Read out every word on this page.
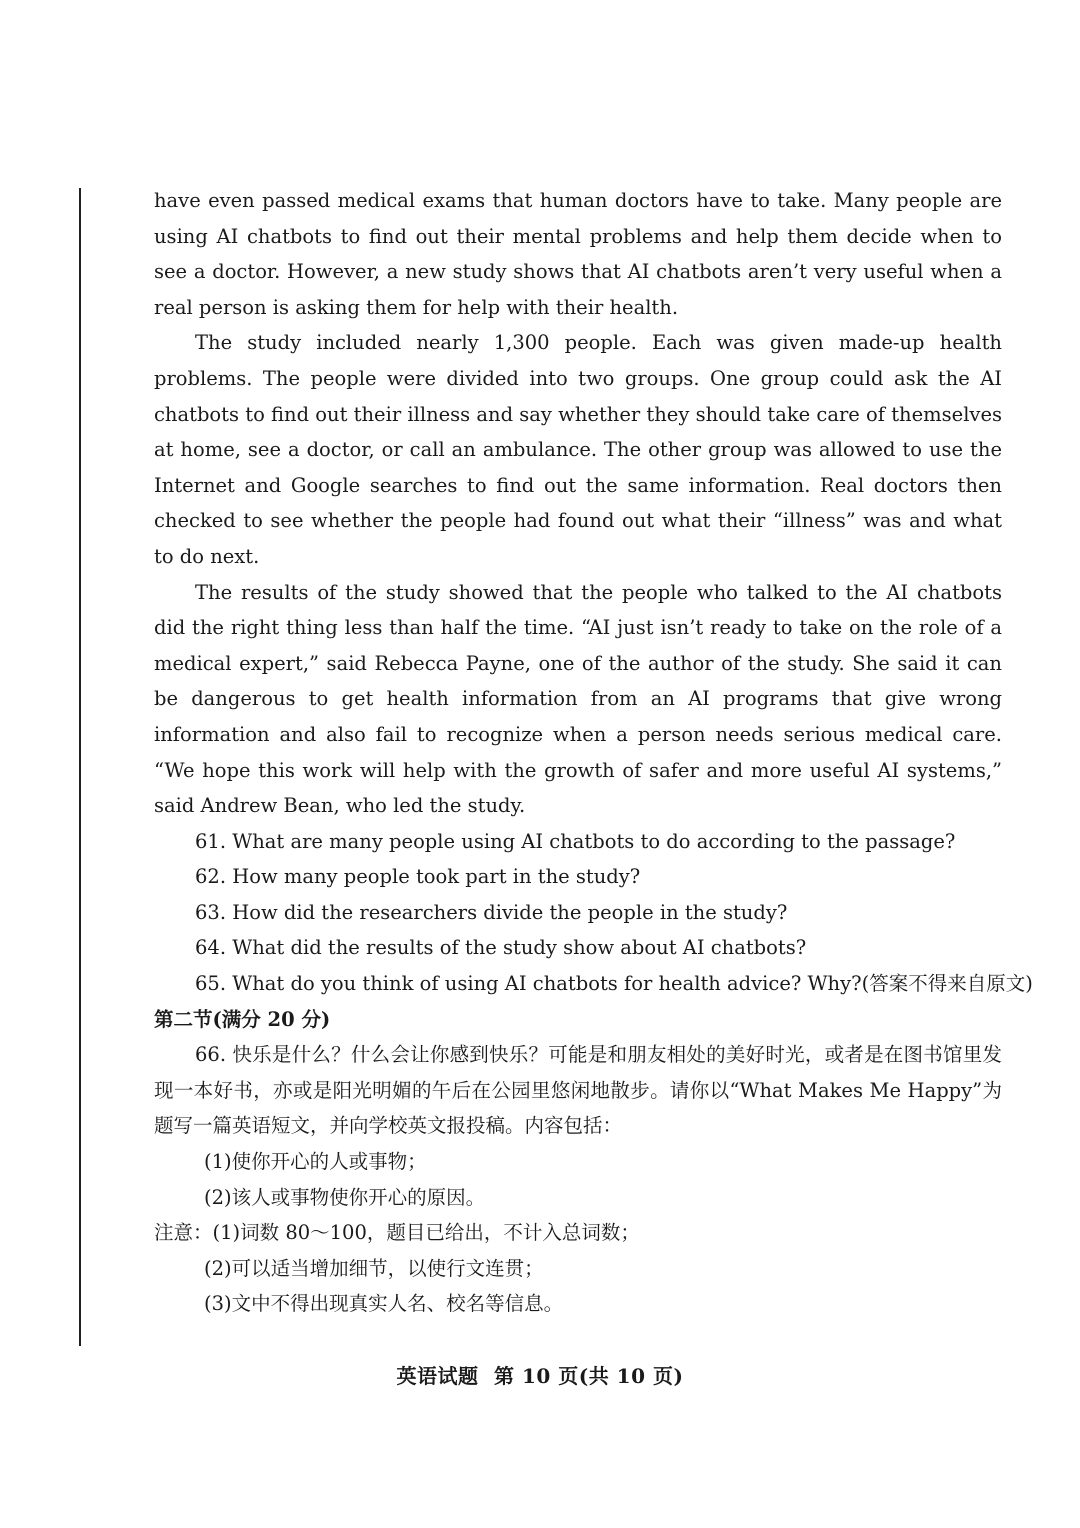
have even passed medical exams that human doctors have to take. Many people are using AI chatbots to find out their mental problems and help them decide when to see a doctor. However, a new study shows that AI chatbots aren’t very useful when a real person is asking them for help with their health.

The study included nearly 1,300 people. Each was given made-up health problems. The people were divided into two groups. One group could ask the AI chatbots to find out their illness and say whether they should take care of themselves at home, see a doctor, or call an ambulance. The other group was allowed to use the Internet and Google searches to find out the same information. Real doctors then checked to see whether the people had found out what their “illness” was and what to do next.

The results of the study showed that the people who talked to the AI chatbots did the right thing less than half the time. “AI just isn’t ready to take on the role of a medical expert,” said Rebecca Payne, one of the author of the study. She said it can be dangerous to get health information from an AI programs that give wrong information and also fail to recognize when a person needs serious medical care. “We hope this work will help with the growth of safer and more useful AI systems,” said Andrew Bean, who led the study.

61. What are many people using AI chatbots to do according to the passage?

62. How many people took part in the study?

63. How did the researchers divide the people in the study?

64. What did the results of the study show about AI chatbots?

65. What do you think of using AI chatbots for health advice? Why?(答案不得来自原文)

第二节(满分 20 分)

66. 快乐是什么？什么会让你感到快乐？可能是和朋友相处的美好时光，或者是在图书馆里发现一本好书，亦或是阳光明媚的午后在公园里悠闲地散步。请你以“What Makes Me Happy”为题写一篇英语短文，并向学校英文报投稿。内容包括：

(1)使你开心的人或事物；

(2)该人或事物使你开心的原因。

注意：(1)词数 80～100，题目已给出，不计入总词数；

(2)可以适当增加细节，以使行文连贯；

(3)文中不得出现真实人名、校名等信息。

英语试题 第 10 页(共 10 页)
